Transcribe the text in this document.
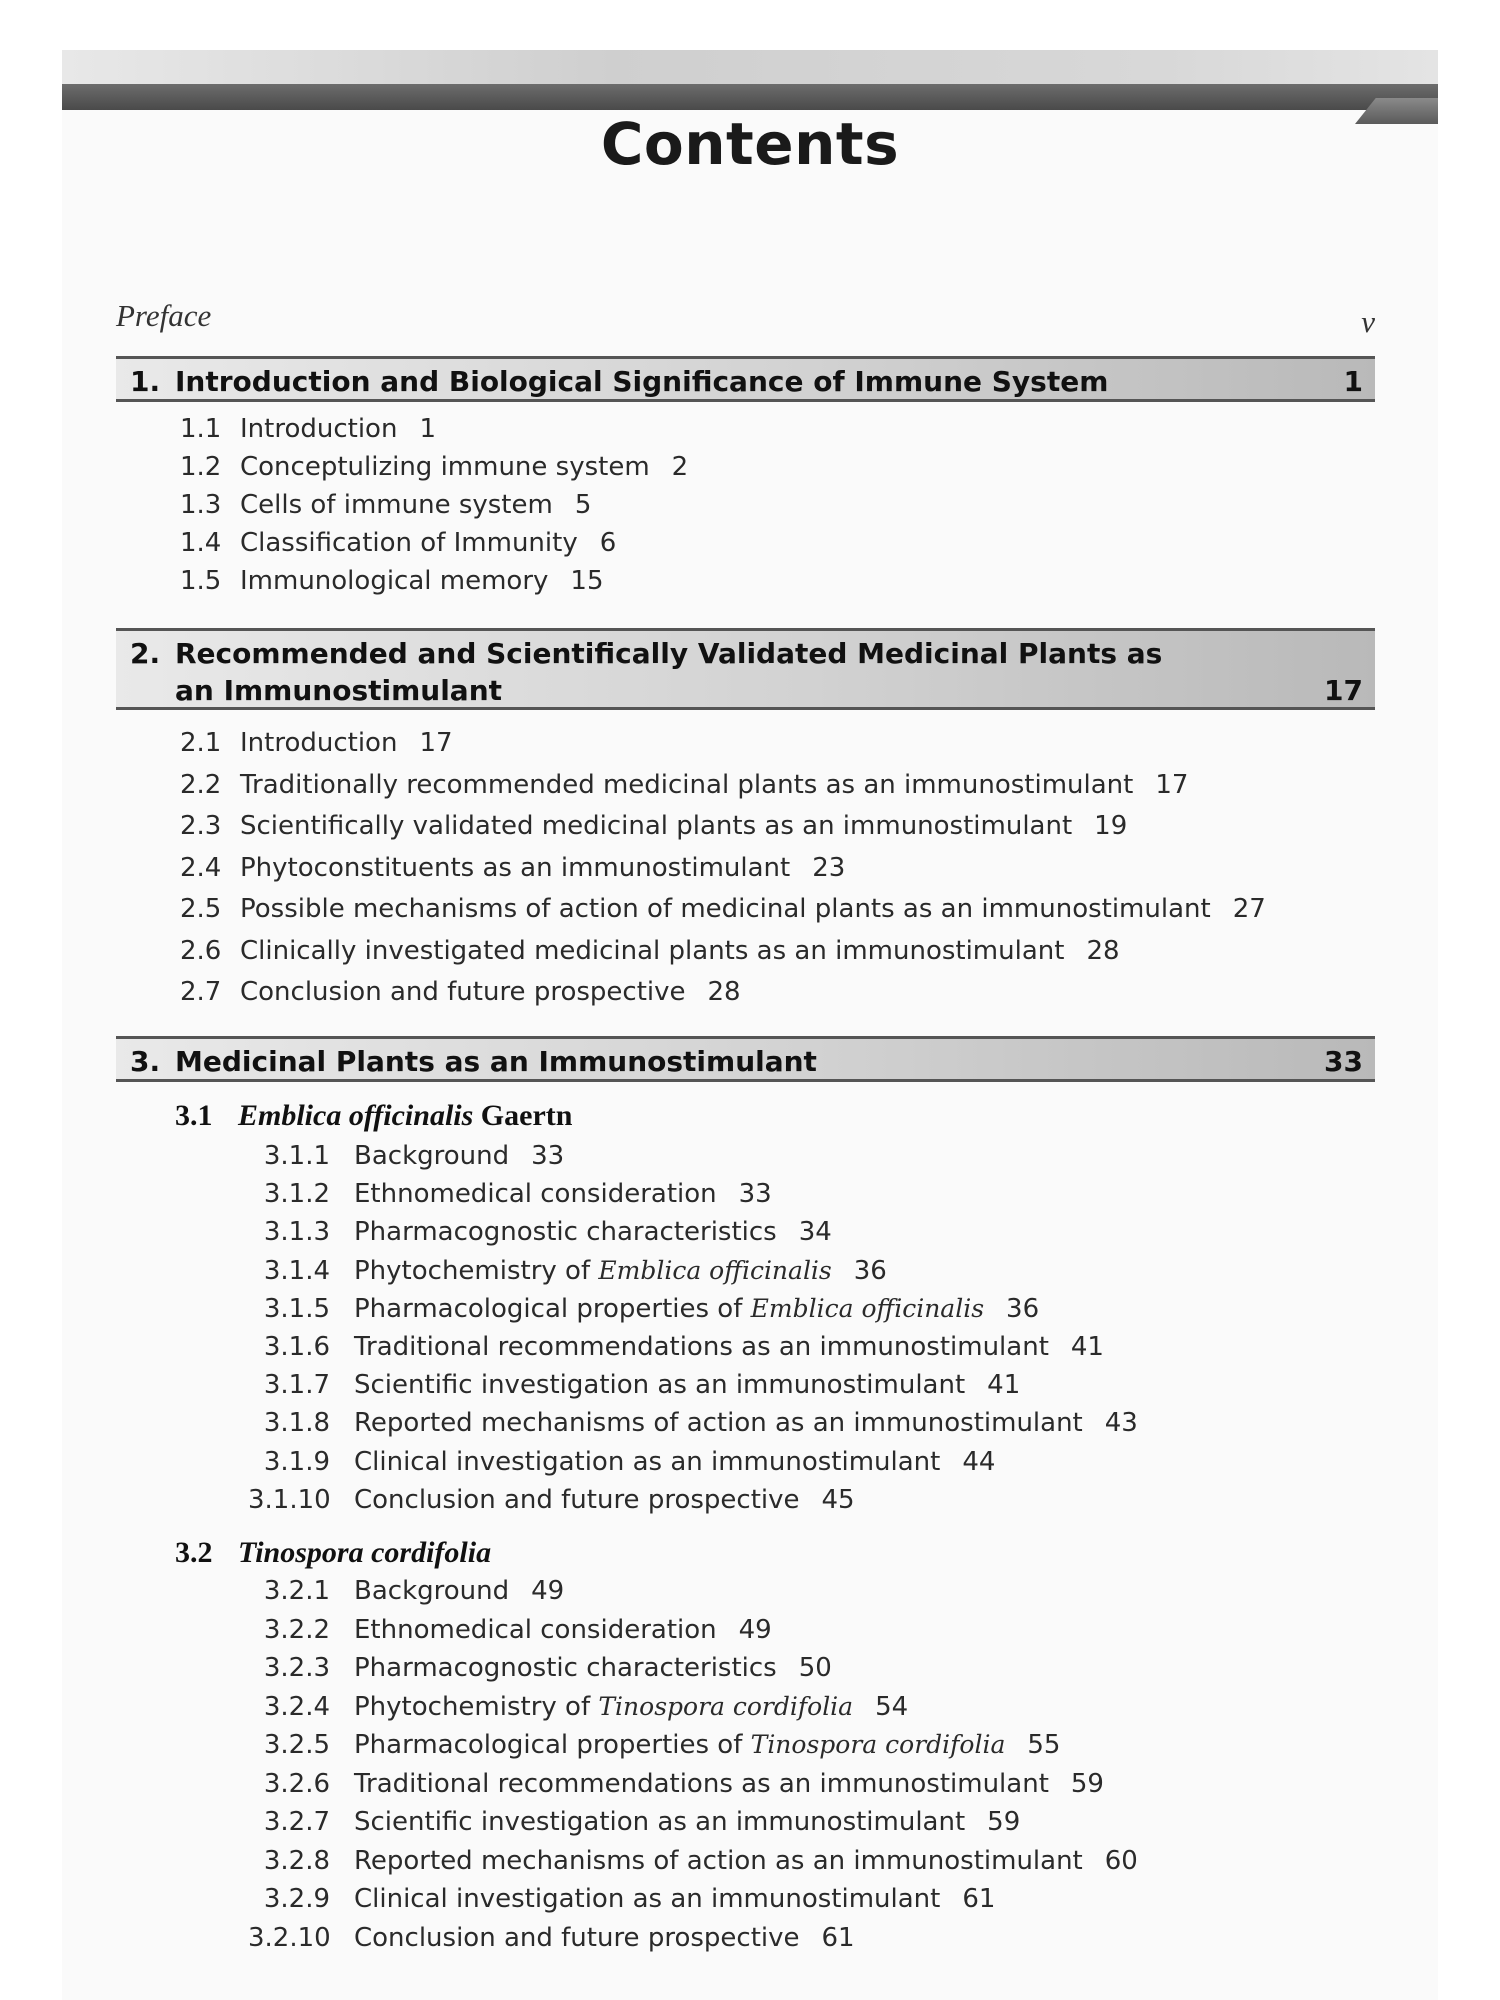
Contents
Preface	v
1. Introduction and Biological Significance of Immune System	1
1.1 Introduction 1
1.2 Conceptulizing immune system 2
1.3 Cells of immune system 5
1.4 Classification of Immunity 6
1.5 Immunological memory 15
2. Recommended and Scientifically Validated Medicinal Plants as
an Immunostimulant	17
2.1 Introduction 17
2.2 Traditionally recommended medicinal plants as an immunostimulant 17
2.3 Scientifically validated medicinal plants as an immunostimulant 19
2.4 Phytoconstituents as an immunostimulant 23
2.5 Possible mechanisms of action of medicinal plants as an immunostimulant 27
2.6 Clinically investigated medicinal plants as an immunostimulant 28
2.7 Conclusion and future prospective 28
3. Medicinal Plants as an Immunostimulant	33
3.1 Emblica officinalis Gaertn
3.1.1 Background 33
3.1.2 Ethnomedical consideration 33
3.1.3 Pharmacognostic characteristics 34
3.1.4 Phytochemistry of Emblica officinalis 36
3.1.5 Pharmacological properties of Emblica officinalis 36
3.1.6 Traditional recommendations as an immunostimulant 41
3.1.7 Scientific investigation as an immunostimulant 41
3.1.8 Reported mechanisms of action as an immunostimulant 43
3.1.9 Clinical investigation as an immunostimulant 44
3.1.10 Conclusion and future prospective 45
3.2 Tinospora cordifolia
3.2.1 Background 49
3.2.2 Ethnomedical consideration 49
3.2.3 Pharmacognostic characteristics 50
3.2.4 Phytochemistry of Tinospora cordifolia 54
3.2.5 Pharmacological properties of Tinospora cordifolia 55
3.2.6 Traditional recommendations as an immunostimulant 59
3.2.7 Scientific investigation as an immunostimulant 59
3.2.8 Reported mechanisms of action as an immunostimulant 60
3.2.9 Clinical investigation as an immunostimulant 61
3.2.10 Conclusion and future prospective 61
